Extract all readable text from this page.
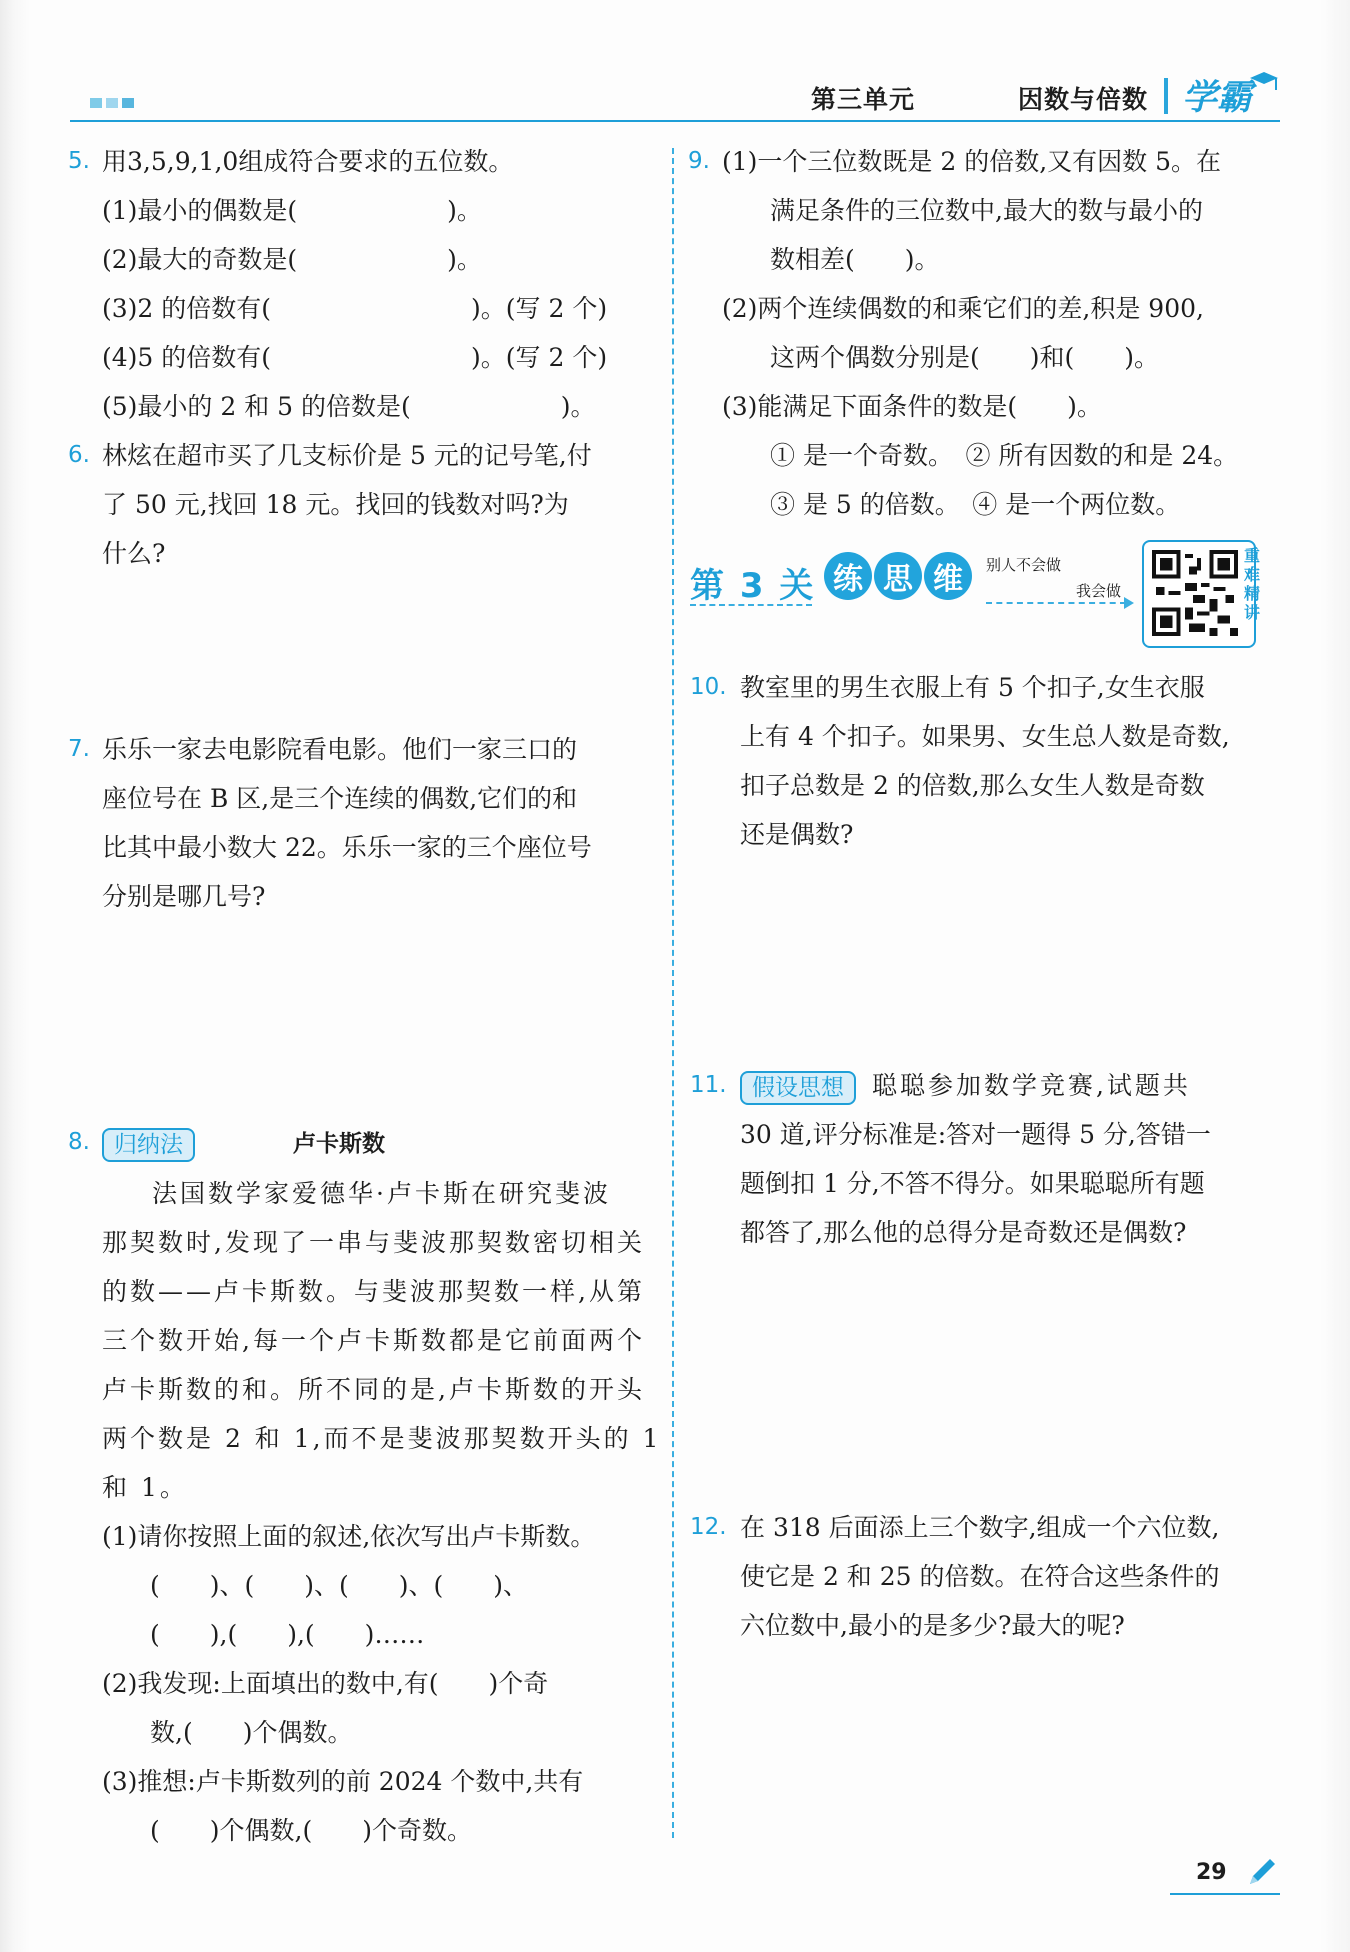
第三单元	因数与倍数 学霸
5. 用3,5,9,1,0组成符合要求的五位数。
(1)最小的偶数是(　　　　　　)。
(2)最大的奇数是(　　　　　　)。
(3)2 的倍数有(　　　　　　　　)。(写 2 个)
(4)5 的倍数有(　　　　　　　　)。(写 2 个)
(5)最小的 2 和 5 的倍数是(　　　　　　)。
6. 林炫在超市买了几支标价是 5 元的记号笔,付
了 50 元,找回 18 元。找回的钱数对吗?为
什么?
7. 乐乐一家去电影院看电影。他们一家三口的
座位号在 B 区,是三个连续的偶数,它们的和
比其中最小数大 22。乐乐一家的三个座位号
分别是哪几号?
8.	归纳法	卢卡斯数
法国数学家爱德华·卢卡斯在研究斐波
那契数时,发现了一串与斐波那契数密切相关
的数——卢卡斯数。与斐波那契数一样,从第
三个数开始,每一个卢卡斯数都是它前面两个
卢卡斯数的和。所不同的是,卢卡斯数的开头
两个数是 2 和 1,而不是斐波那契数开头的 1
和 1。
(1)请你按照上面的叙述,依次写出卢卡斯数。
(　　)、(　　)、(　　)、(　　)、
(　　),(　　),(　　)……
(2)我发现:上面填出的数中,有(　　)个奇
数,(　　)个偶数。
(3)推想:卢卡斯数列的前 2024 个数中,共有
(　　)个偶数,(　　)个奇数。
9. (1)一个三位数既是 2 的倍数,又有因数 5。在
满足条件的三位数中,最大的数与最小的
数相差(　　)。
(2)两个连续偶数的和乘它们的差,积是 900,
这两个偶数分别是(　　)和(　　)。
(3)能满足下面条件的数是(　　)。
① 是一个奇数。　② 所有因数的和是 24。
③ 是 5 的倍数。　④ 是一个两位数。
第 3 关 练 思 维	别人不会做
我会做
重难精讲
10. 教室里的男生衣服上有 5 个扣子,女生衣服
上有 4 个扣子。如果男、女生总人数是奇数,
扣子总数是 2 的倍数,那么女生人数是奇数
还是偶数?
11.	假设思想 聪聪参加数学竞赛,试题共
30 道,评分标准是:答对一题得 5 分,答错一
题倒扣 1 分,不答不得分。如果聪聪所有题
都答了,那么他的总得分是奇数还是偶数?
12. 在 318 后面添上三个数字,组成一个六位数,
使它是 2 和 25 的倍数。在符合这些条件的
六位数中,最小的是多少?最大的呢?
29
